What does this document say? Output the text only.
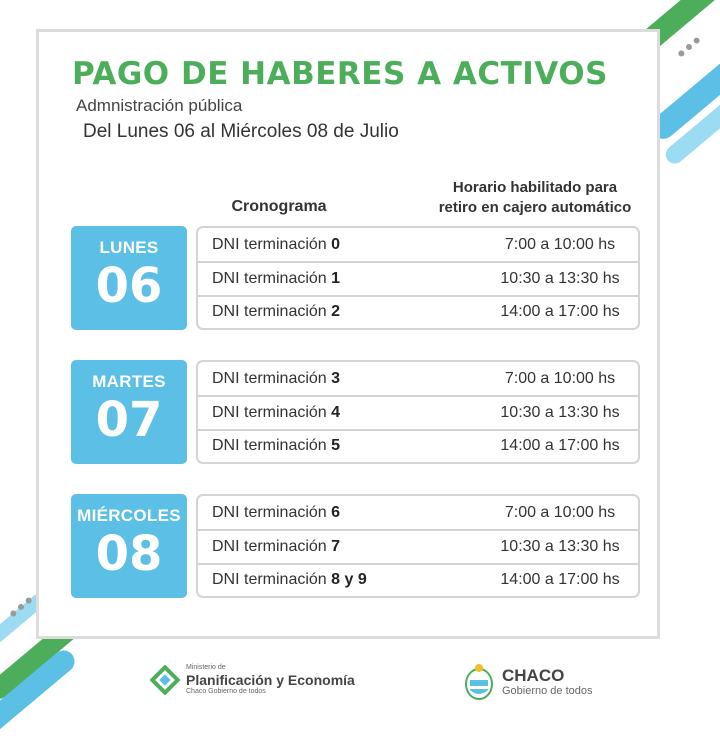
PAGO DE HABERES A ACTIVOS
Admnistración pública
Del Lunes 06 al Miércoles 08 de Julio
Cronograma
Horario habilitado para
retiro en cajero automático
LUNES
06
DNI terminación 0	7:00 a 10:00 hs
DNI terminación 1	10:30 a 13:30 hs
DNI terminación 2	14:00 a 17:00 hs
MARTES
07
DNI terminación 3	7:00 a 10:00 hs
DNI terminación 4	10:30 a 13:30 hs
DNI terminación 5	14:00 a 17:00 hs
MIÉRCOLES
08
DNI terminación 6	7:00 a 10:00 hs
DNI terminación 7	10:30 a 13:30 hs
DNI terminación 8 y 9	14:00 a 17:00 hs
Ministerio de
Planificación y Economía
Chaco Gobierno de todos
CHACO
Gobierno de todos
